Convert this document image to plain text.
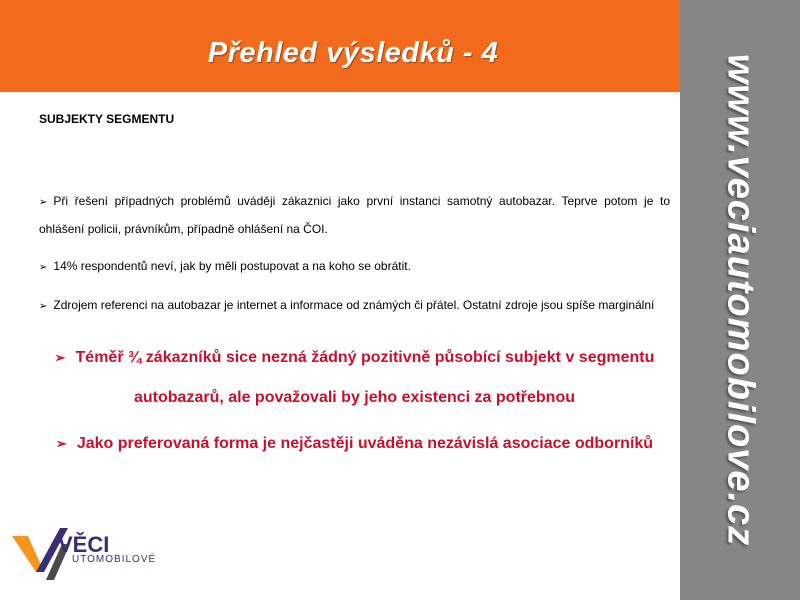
Přehled výsledků - 4
www.veciautomobilove.cz
SUBJEKTY SEGMENTU
➢ Při řešení případných problémů uváději zákaznici jako první instanci samotný autobazar. Teprve potom je to ohlášení policii, právníkům, případně ohlášení na ČOI.
➢ 14% respondentů neví, jak by měli postupovat a na koho se obrátit.
➢ Zdrojem referenci na autobazar je internet a informace od známých či přátel. Ostatní zdroje jsou spíše marginální
➢ Téměř ¾ zákazníků sice nezná žádný pozitivně působící subjekt v segmentu autobazarů, ale považovali by jeho existenci za potřebnou
➢ Jako preferovaná forma je nejčastěji uváděna nezávislá asociace odborníků
VĚCI
UTOMOBILOVÉ
